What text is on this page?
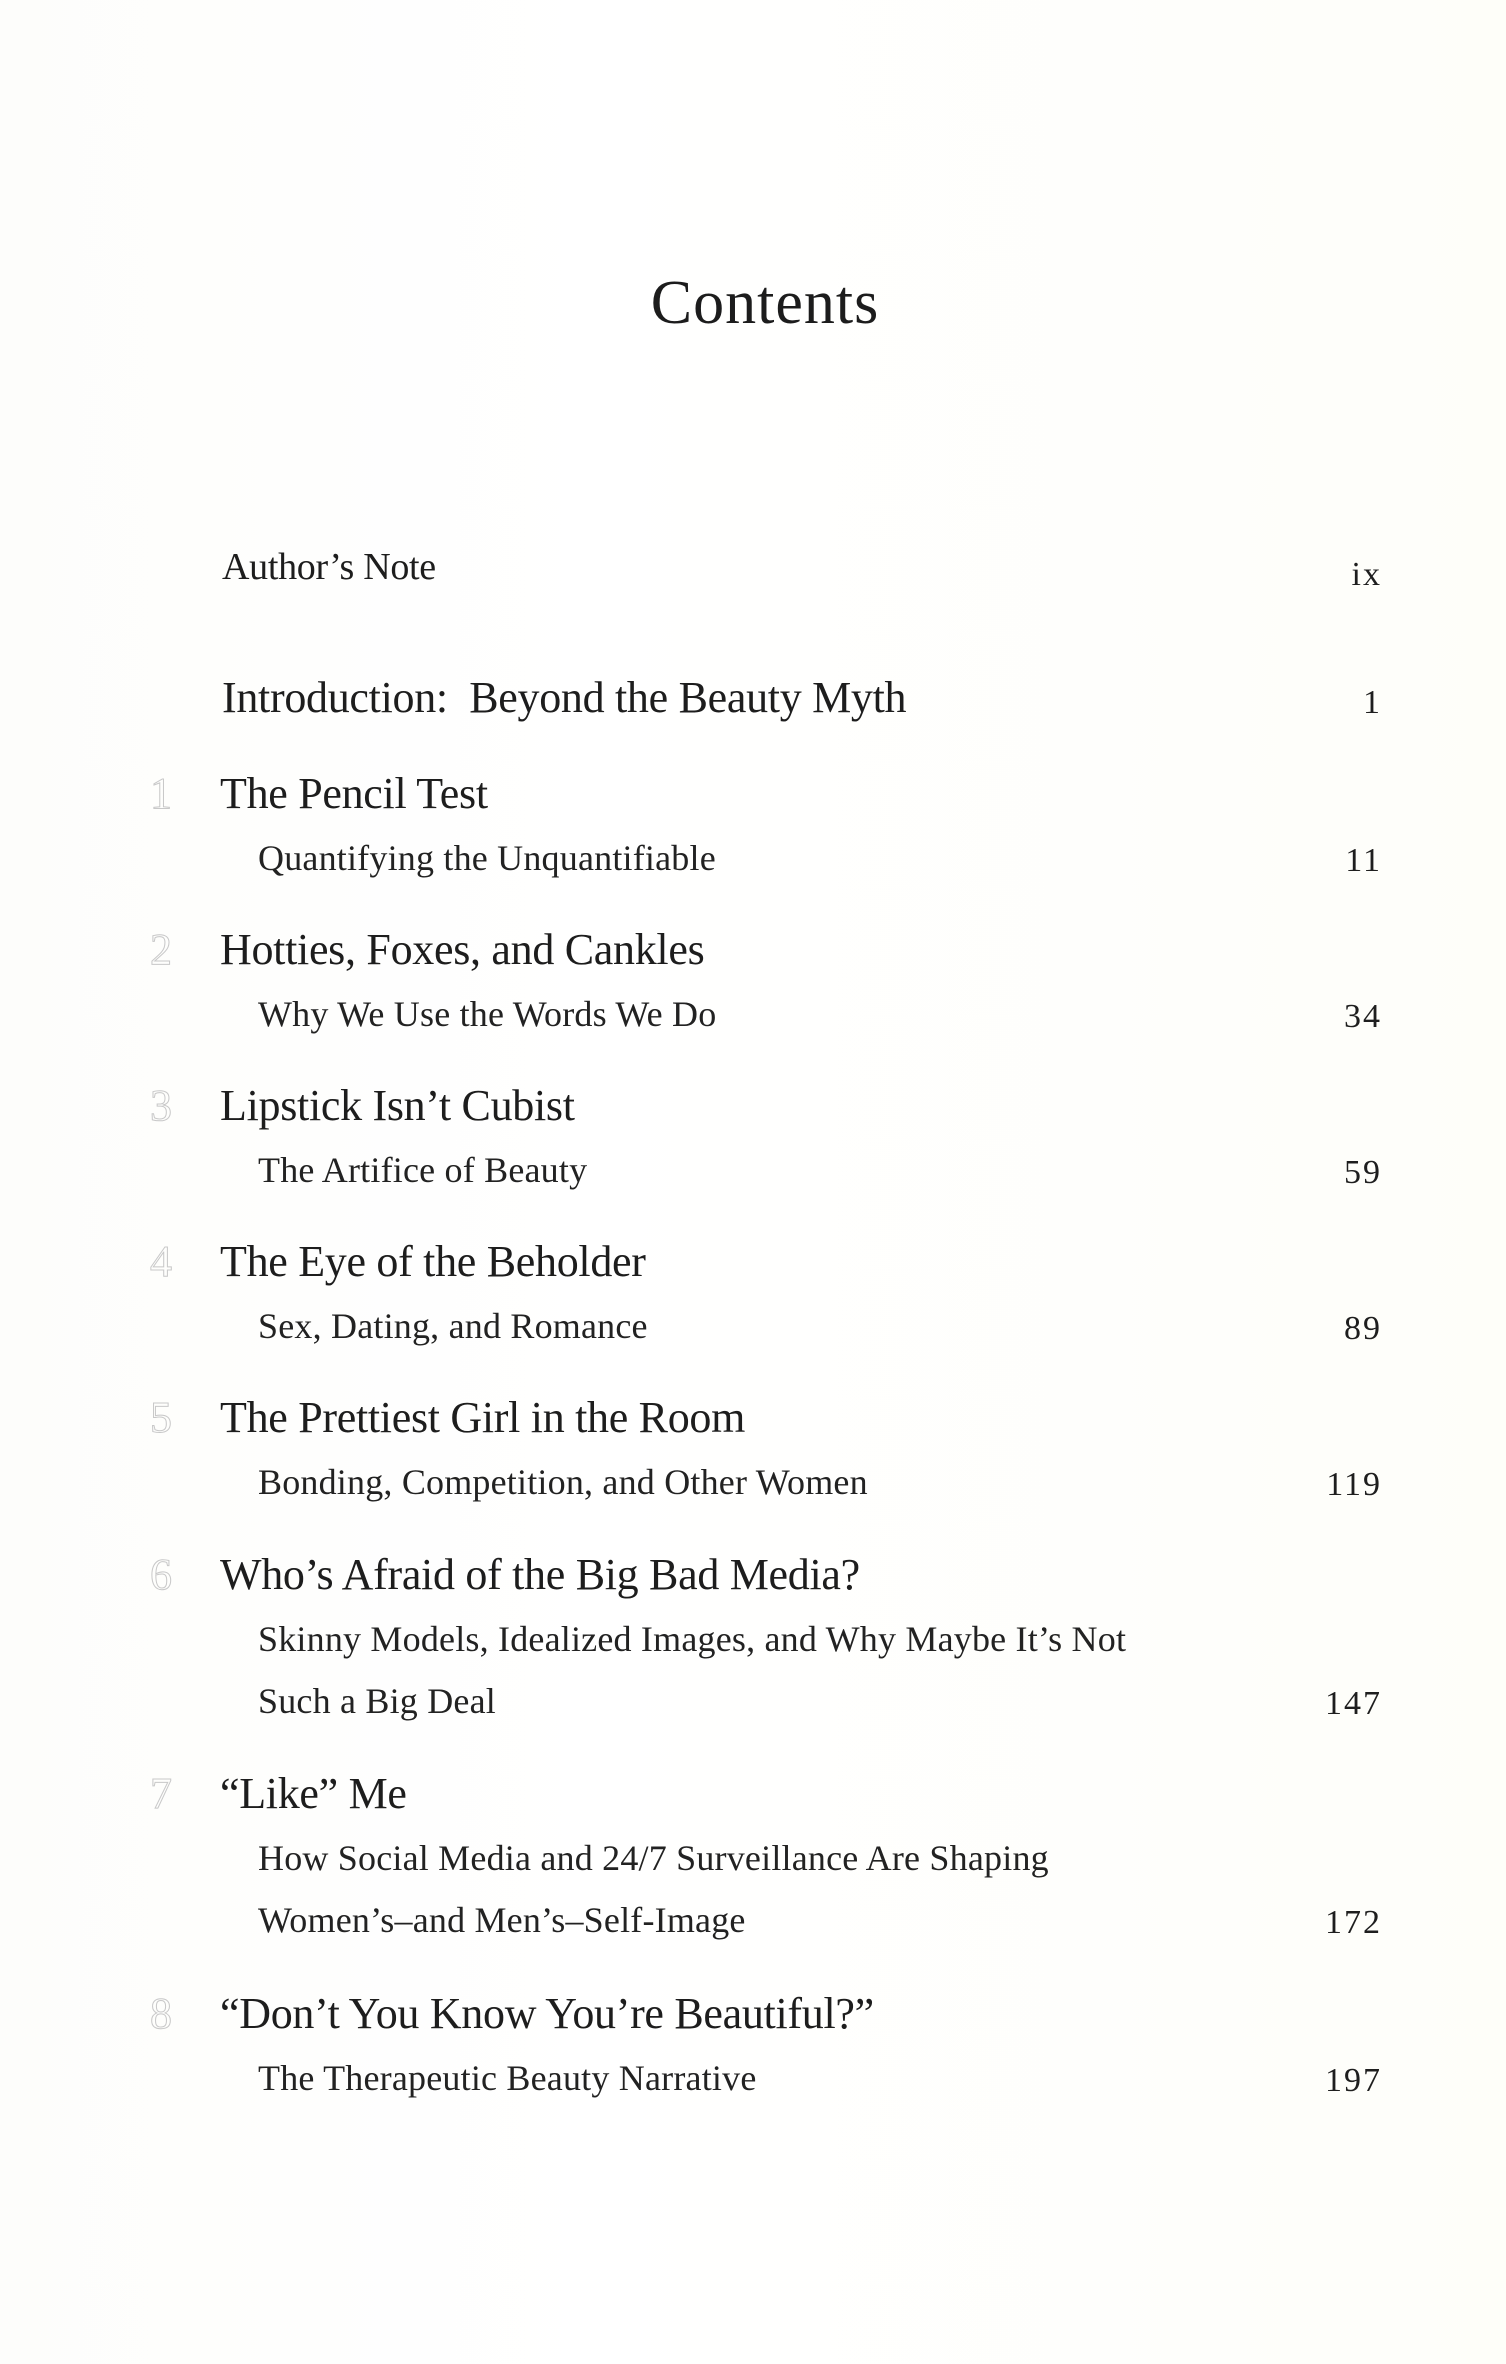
Contents
Author’s Note	ix
Introduction:  Beyond the Beauty Myth	1
1 The Pencil Test
Quantifying the Unquantifiable	11
2 Hotties, Foxes, and Cankles
Why We Use the Words We Do	34
3 Lipstick Isn’t Cubist
The Artifice of Beauty	59
4 The Eye of the Beholder
Sex, Dating, and Romance	89
5 The Prettiest Girl in the Room
Bonding, Competition, and Other Women	119
6 Who’s Afraid of the Big Bad Media?
Skinny Models, Idealized Images, and Why Maybe It’s Not
Such a Big Deal	147
7 “Like” Me
How Social Media and 24/7 Surveillance Are Shaping
Women’s–and Men’s–Self-Image	172
8 “Don’t You Know You’re Beautiful?”
The Therapeutic Beauty Narrative	197
